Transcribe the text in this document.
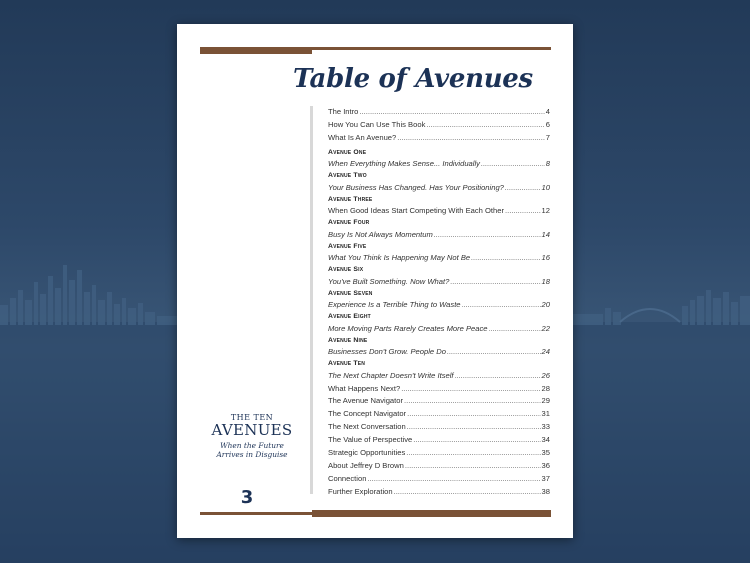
Table of Avenues
The Intro .....	4
How You Can Use This Book .....	6
What Is An Avenue? .....	7
Avenue One
When Everything Makes Sense... Individually .....	8
Avenue Two
Your Business Has Changed. Has Your Positioning? .....	10
Avenue Three
When Good Ideas Start Competing With Each Other .....	12
Avenue Four
Busy Is Not Always Momentum .....	14
Avenue Five
What You Think Is Happening May Not Be .....	16
Avenue Six
You've Built Something. Now What? .....	18
Avenue Seven
Experience Is a Terrible Thing to Waste .....	20
Avenue Eight
More Moving Parts Rarely Creates More Peace .....	22
Avenue Nine
Businesses Don't Grow. People Do .....	24
Avenue Ten
The Next Chapter Doesn't Write Itself .....	26
What Happens Next? .....	28
The Avenue Navigator .....	29
The Concept Navigator .....	31
The Next Conversation .....	33
The Value of Perspective .....	34
Strategic Opportunities .....	35
About Jeffrey D Brown .....	36
Connection .....	37
Further Exploration .....	38
THE TEN
AVENUES
When the Future
Arrives in Disguise
3
